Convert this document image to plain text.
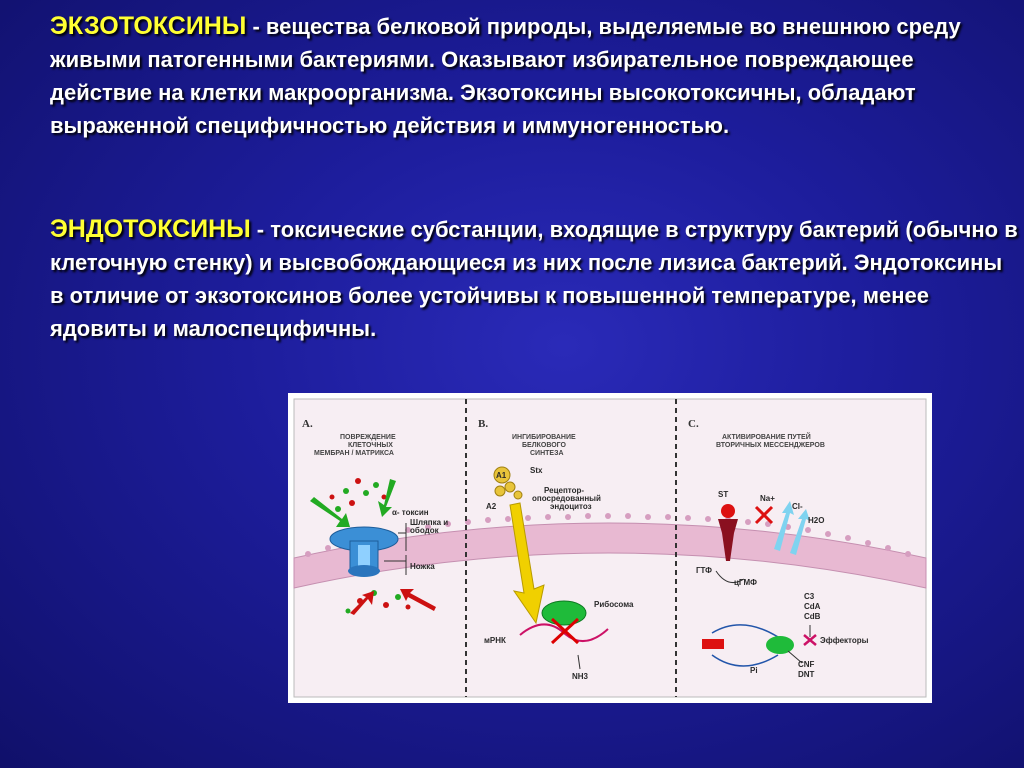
ЭКЗОТОКСИНЫ - вещества белковой природы, выделяемые во внешнюю среду живыми патогенными бактериями. Оказывают избирательное повреждающее действие на клетки макроорганизма. Экзотоксины высокотоксичны, обладают выраженной специфичностью действия и иммуногенностью.
ЭНДОТОКСИНЫ - токсические субстанции, входящие в структуру бактерий (обычно в клеточную стенку) и высвобождающиеся из них после лизиса бактерий. Эндотоксины в отличие от экзотоксинов более устойчивы к повышенной температуре, менее ядовиты и малоспецифичны.
A.
ПОВРЕЖДЕНИЕ
КЛЕТОЧНЫХ
МЕМБРАН / МАТРИКСА
α- токсин
Шляпка и
ободок
Ножка
B.
ИНГИБИРОВАНИЕ
БЕЛКОВОГО
СИНТЕЗА
Stx
A1
A2
Рецептор-
опосредованный
эндоцитоз
Рибосома
мРНК
NH3
C.
АКТИВИРОВАНИЕ ПУТЕЙ
ВТОРИЧНЫХ МЕССЕНДЖЕРОВ
ST	Na+
Cl-
H2O
ГТФ
цГМФ
C3
CdA
CdB
Эффекторы
CNF
DNT
Pi
